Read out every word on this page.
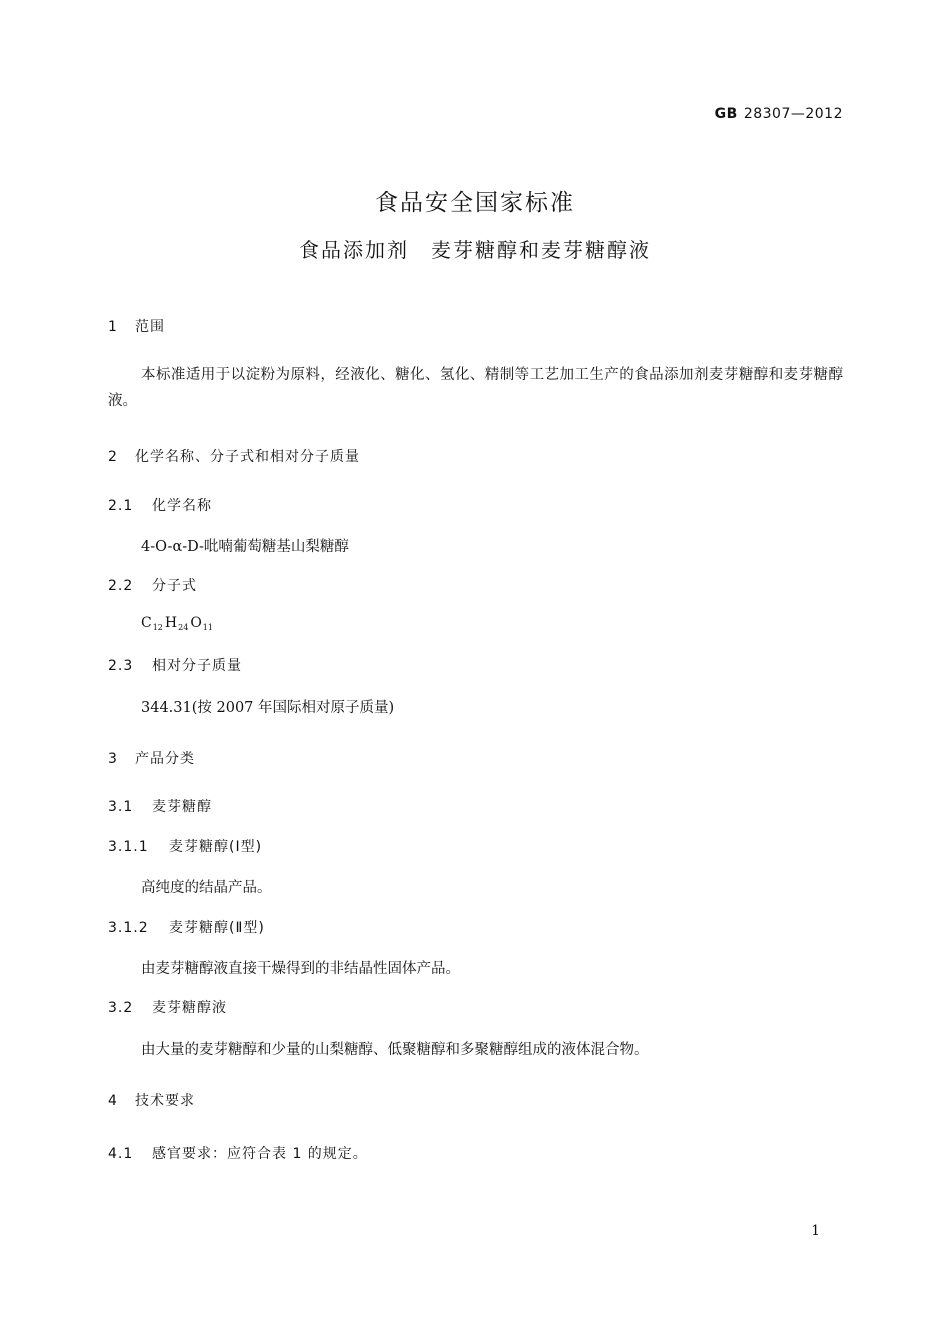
GB 28307—2012
食品安全国家标准
食品添加剂 麦芽糖醇和麦芽糖醇液
1 范围
本标准适用于以淀粉为原料，经液化、糖化、氢化、精制等工艺加工生产的食品添加剂麦芽糖醇和麦芽糖醇液。
2 化学名称、分子式和相对分子质量
2.1 化学名称
4-O-α-D-吡喃葡萄糖基山梨糖醇
2.2 分子式
$C_{12}$ $H_{24}$ $O_{11}$
2.3 相对分子质量
344.31(按 2007 年国际相对原子质量)
3 产品分类
3.1 麦芽糖醇
3.1.1 麦芽糖醇(Ⅰ型)
高纯度的结晶产品。
3.1.2 麦芽糖醇(Ⅱ型)
由麦芽糖醇液直接干燥得到的非结晶性固体产品。
3.2 麦芽糖醇液
由大量的麦芽糖醇和少量的山梨糖醇、低聚糖醇和多聚糖醇组成的液体混合物。
4 技术要求
4.1 感官要求：应符合表 1 的规定。
1
